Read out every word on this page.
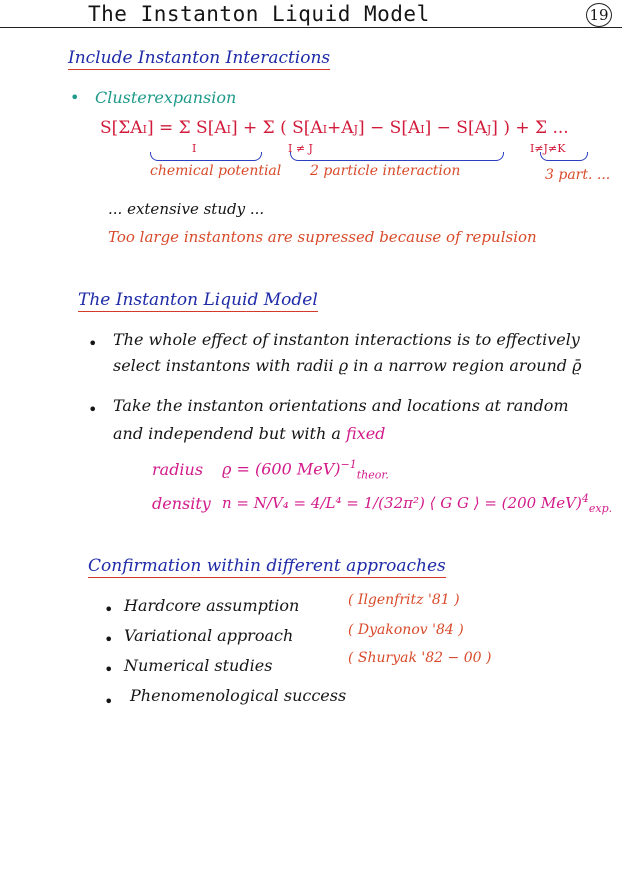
The Instanton Liquid Model	19
Include Instanton Interactions
• Clusterexpansion
S[ΣAI] = Σ S[AI] + Σ ( S[AI+AJ] − S[AI] − S[AJ] ) + Σ ...
I	I ≠ J	I≠J≠K
chemical potential 2 particle interaction	3 part. ...
... extensive study ...
Too large instantons are supressed because of repulsion
The Instanton Liquid Model
• The whole effect of instanton interactions is to effectively
select instantons with radii ϱ in a narrow region around ϱ̄
• Take the instanton orientations and locations at random
and independend but with a fixed
radius ϱ = (600 MeV)$^{-1}_{theor.}$
density n = N/V₄ = 4/L⁴ = 1/(32π²) ⟨ G G ⟩ = (200 MeV)$^4_{exp.}$
Confirmation within different approaches
• Hardcore assumption	( Ilgenfritz '81 )
• Variational approach	( Dyakonov '84 )
• Numerical studies	( Shuryak '82 − 00 )
• Phenomenological success
